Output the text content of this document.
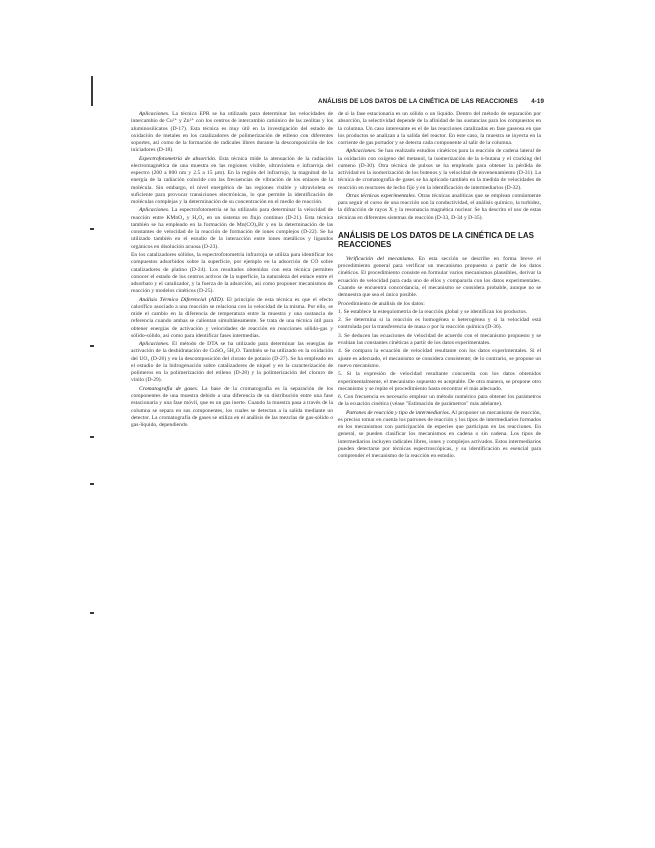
ANÁLISIS DE LOS DATOS DE LA CINÉTICA DE LAS REACCIONES 4-19

Aplicaciones. La técnica EPR se ha utilizado para determinar las velocidades de intercambio de Cu²⁺ y Zn²⁺ con los centros de intercambio catiónico de las zeolitas y los aluminosilicatos (D-17). Esta técnica es muy útil en la investigación del estado de oxidación de metales en los catalizadores de polimerización de etileno con diferentes soportes, así como de la formación de radicales libres durante la descomposición de los iniciadores (D-18).

Espectrofotometría de absorción. Esta técnica mide la atenuación de la radiación electromagnética de una muestra en las regiones visible, ultravioleta e infrarroja del espectro (200 a 800 nm y 2.5 a 15 µm). En la región del infrarrojo, la magnitud de la energía de la radiación coincide con las frecuencias de vibración de los enlaces de la molécula. Sin embargo, el nivel energético de las regiones visible y ultravioleta es suficiente para provocar transiciones electrónicas, lo que permite la identificación de moléculas complejas y la determinación de su concentración en el medio de reacción.

Aplicaciones. La espectrofotometría se ha utilizado para determinar la velocidad de reacción entre KMnO₄ y H₂O₂ en un sistema en flujo continuo (D-21). Esta técnica también se ha empleado en la formación de Mn(CO)₅Br y en la determinación de las constantes de velocidad de la reacción de formación de iones complejos (D-22). Se ha utilizado también en el estudio de la interacción entre iones metálicos y ligandos orgánicos en disolución acuosa (D-23).

En los catalizadores sólidos, la espectrofotometría infrarroja se utiliza para identificar los compuestos adsorbidos sobre la superficie, por ejemplo en la adsorción de CO sobre catalizadores de platino (D-24). Los resultados obtenidos con esta técnica permiten conocer el estado de los centros activos de la superficie, la naturaleza del enlace entre el adsorbato y el catalizador, y la fuerza de la adsorción, así como proponer mecanismos de reacción y modelos cinéticos (D-25).

Análisis Térmico Diferencial (ATD). El principio de esta técnica es que el efecto calorífico asociado a una reacción se relaciona con la velocidad de la misma. Por ello, se mide el cambio en la diferencia de temperatura entre la muestra y una sustancia de referencia cuando ambas se calientan simultáneamente. Se trata de una técnica útil para obtener energías de activación y velocidades de reacción en reacciones sólido-gas y sólido-sólido, así como para identificar fases intermedias.

Aplicaciones. El método de DTA se ha utilizado para determinar las energías de activación de la deshidratación de CuSO₄·5H₂O. También se ha utilizado en la oxidación del UO₂ (D-26) y en la descomposición del clorato de potasio (D-27). Se ha empleado en el estudio de la hidrogenación sobre catalizadores de níquel y en la caracterización de polímeros en la polimerización del etileno (D-28) y la polimerización del cloruro de vinilo (D-29).

Cromatografía de gases. La base de la cromatografía es la separación de los componentes de una muestra debido a una diferencia de su distribución entre una fase estacionaria y una fase móvil, que es un gas inerte. Cuando la muestra pasa a través de la columna se separa en sus componentes, los cuales se detectan a la salida mediante un detector. La cromatografía de gases se utiliza en el análisis de las mezclas de gas-sólido o gas-líquido, dependiendo

de si la fase estacionaria es un sólido o un líquido. Dentro del método de separación por absorción, la selectividad depende de la afinidad de las sustancias para los compuestos en la columna. Un caso interesante es el de las reacciones catalizadas en fase gaseosa en que los productos se analizan a la salida del reactor. En este caso, la muestra se inyecta en la corriente de gas portador y se detecta cada componente al salir de la columna.

Aplicaciones. Se han realizado estudios cinéticos para la reacción de cadena lateral de la oxidación con oxígeno del metanol, la isomerización de la n-butana y el cracking del cumeno (D-30). Otra técnica de pulsos se ha empleado para obtener la pérdida de actividad en la isomerización de los butenos y la velocidad de envenenamiento (D-31). La técnica de cromatografía de gases se ha aplicado también en la medida de velocidades de reacción en reactores de lecho fijo y en la identificación de intermediarios (D-32).

Otras técnicas experimentales. Otras técnicas analíticas que se emplean comúnmente para seguir el curso de una reacción son la conductividad, el análisis químico, la turbidez, la difracción de rayos X y la resonancia magnética nuclear. Se ha descrito el uso de estas técnicas en diferentes sistemas de reacción (D-33, D-34 y D-35).

ANÁLISIS DE LOS DATOS DE LA CINÉTICA DE LAS REACCIONES

Verificación del mecanismo. En esta sección se describe en forma breve el procedimiento general para verificar un mecanismo propuesto a partir de los datos cinéticos. El procedimiento consiste en formular varios mecanismos plausibles, derivar la ecuación de velocidad para cada uno de ellos y compararla con los datos experimentales. Cuando se encuentra concordancia, el mecanismo se considera probable, aunque no se demuestra que sea el único posible.

Procedimiento de análisis de los datos:

1. Se establece la estequiometría de la reacción global y se identifican los productos.

2. Se determina si la reacción es homogénea o heterogénea y si la velocidad está controlada por la transferencia de masa o por la reacción química (D-36).

3. Se deducen las ecuaciones de velocidad de acuerdo con el mecanismo propuesto y se evalúan las constantes cinéticas a partir de los datos experimentales.

4. Se compara la ecuación de velocidad resultante con los datos experimentales. Si el ajuste es adecuado, el mecanismo se considera consistente; de lo contrario, se propone un nuevo mecanismo.

5. Si la expresión de velocidad resultante concuerda con los datos obtenidos experimentalmente, el mecanismo supuesto es aceptable. De otra manera, se propone otro mecanismo y se repite el procedimiento hasta encontrar el más adecuado.

6. Con frecuencia es necesario emplear un método numérico para obtener los parámetros de la ecuación cinética (véase "Estimación de parámetros" más adelante).

Patrones de reacción y tipo de intermediarios. Al proponer un mecanismo de reacción, es preciso tomar en cuenta los patrones de reacción y los tipos de intermediarios formados en los mecanismos con participación de especies que participan en las reacciones. En general, se pueden clasificar los mecanismos en cadena o sin cadena. Los tipos de intermediarios incluyen radicales libres, iones y complejos activados. Estos intermediarios pueden detectarse por técnicas espectroscópicas, y su identificación es esencial para comprender el mecanismo de la reacción en estudio.
